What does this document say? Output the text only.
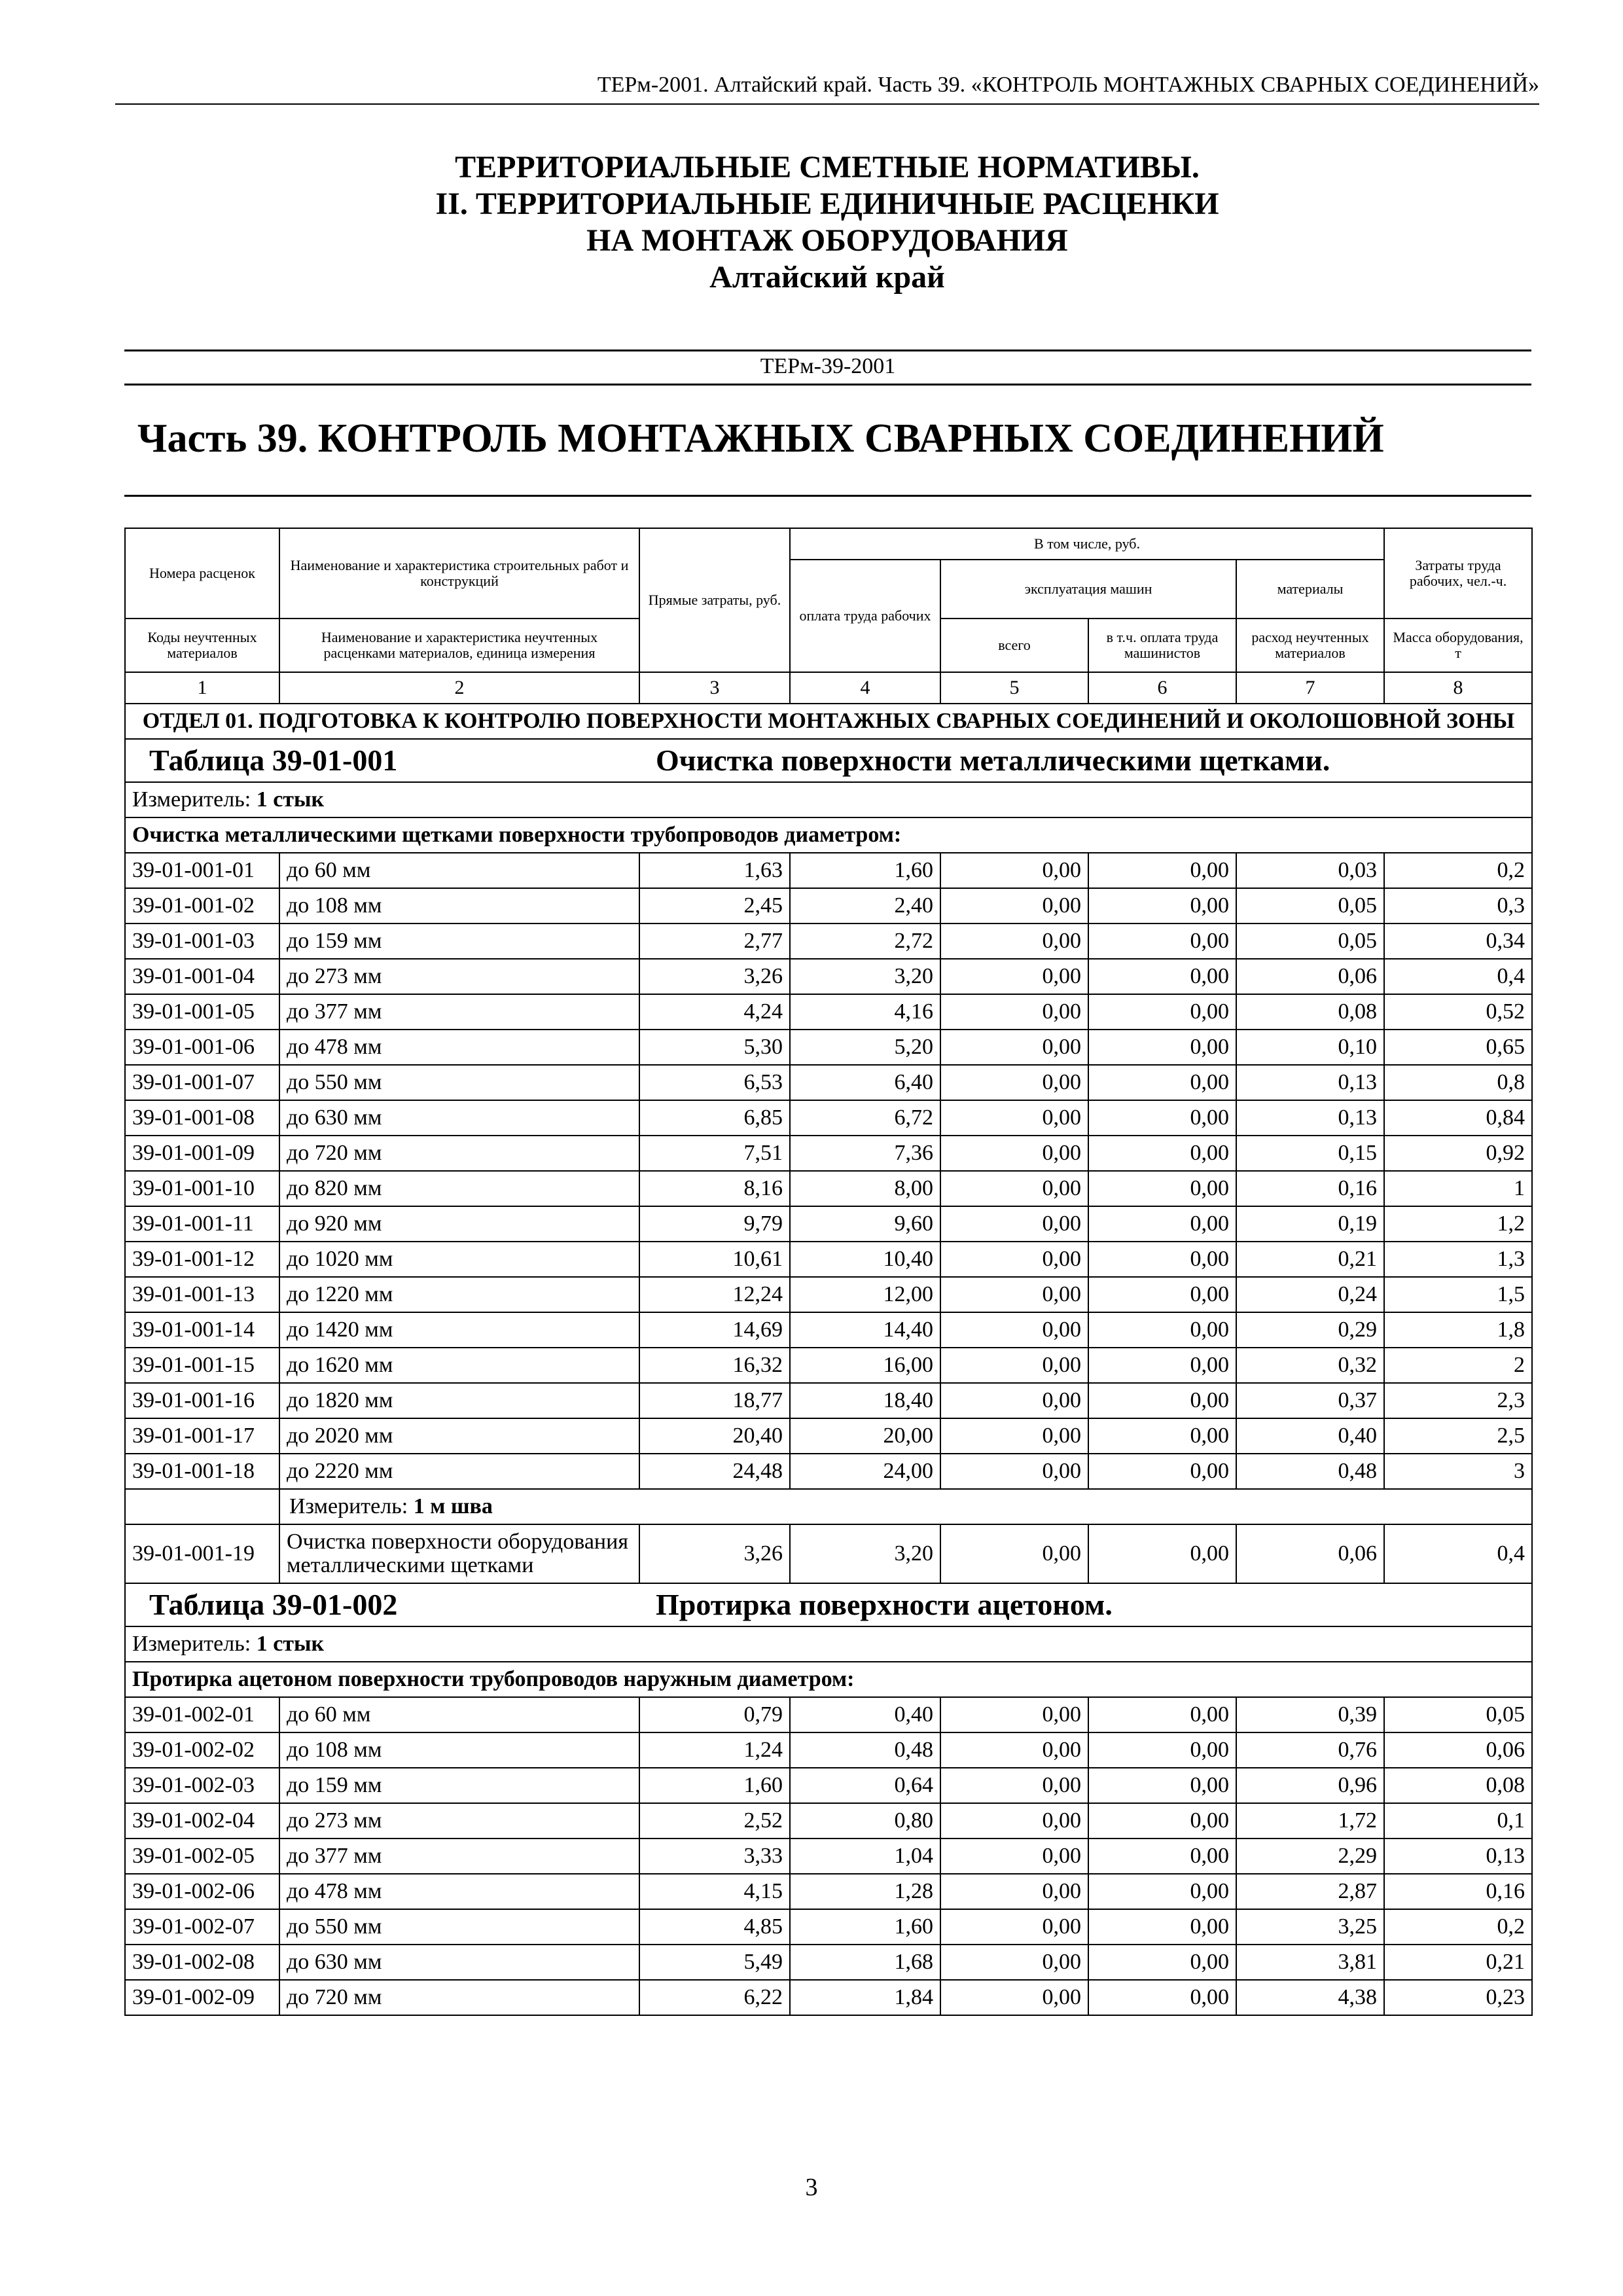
ТЕРм-2001. Алтайский край. Часть 39. «КОНТРОЛЬ МОНТАЖНЫХ СВАРНЫХ СОЕДИНЕНИЙ»
ТЕРРИТОРИАЛЬНЫЕ СМЕТНЫЕ НОРМАТИВЫ.
II. ТЕРРИТОРИАЛЬНЫЕ ЕДИНИЧНЫЕ РАСЦЕНКИ
НА МОНТАЖ ОБОРУДОВАНИЯ
Алтайский край
ТЕРм-39-2001
Часть 39. КОНТРОЛЬ МОНТАЖНЫХ СВАРНЫХ СОЕДИНЕНИЙ
Номера расценок	Наименование и характеристика строительных работ и конструкций	Прямые затраты, руб.	В том числе, руб.				Затраты труда рабочих, чел.-ч.
			оплата труда рабочих	эксплуатация машин		материалы	
Коды неучтенных материалов	Наименование и характеристика неучтенных расценками материалов, единица измерения			всего	в т.ч. оплата труда машинистов	расход неучтенных материалов	Масса оборудования, т
1	2	3	4	5	6	7	8
ОТДЕЛ 01. ПОДГОТОВКА К КОНТРОЛЮ ПОВЕРХНОСТИ МОНТАЖНЫХ СВАРНЫХ СОЕДИНЕНИЙ И ОКОЛОШОВНОЙ ЗОНЫ							

Таблица 39-01-001 Очистка поверхности металлическими щетками.							

Измеритель: 1 стык							
Очистка металлическими щетками поверхности трубопроводов диаметром:							
39-01-001-01	до 60 мм	1,63	1,60	0,00	0,00	0,03	0,2
39-01-001-02	до 108 мм	2,45	2,40	0,00	0,00	0,05	0,3
39-01-001-03	до 159 мм	2,77	2,72	0,00	0,00	0,05	0,34
39-01-001-04	до 273 мм	3,26	3,20	0,00	0,00	0,06	0,4
39-01-001-05	до 377 мм	4,24	4,16	0,00	0,00	0,08	0,52
39-01-001-06	до 478 мм	5,30	5,20	0,00	0,00	0,10	0,65
39-01-001-07	до 550 мм	6,53	6,40	0,00	0,00	0,13	0,8
39-01-001-08	до 630 мм	6,85	6,72	0,00	0,00	0,13	0,84
39-01-001-09	до 720 мм	7,51	7,36	0,00	0,00	0,15	0,92
39-01-001-10	до 820 мм	8,16	8,00	0,00	0,00	0,16	1
39-01-001-11	до 920 мм	9,79	9,60	0,00	0,00	0,19	1,2
39-01-001-12	до 1020 мм	10,61	10,40	0,00	0,00	0,21	1,3
39-01-001-13	до 1220 мм	12,24	12,00	0,00	0,00	0,24	1,5
39-01-001-14	до 1420 мм	14,69	14,40	0,00	0,00	0,29	1,8
39-01-001-15	до 1620 мм	16,32	16,00	0,00	0,00	0,32	2
39-01-001-16	до 1820 мм	18,77	18,40	0,00	0,00	0,37	2,3
39-01-001-17	до 2020 мм	20,40	20,00	0,00	0,00	0,40	2,5
39-01-001-18	до 2220 мм	24,48	24,00	0,00	0,00	0,48	3
	Измеритель: 1 м шва						
39-01-001-19	Очистка поверхности оборудования металлическими щетками	3,26	3,20	0,00	0,00	0,06	0,4

Таблица 39-01-002 Протирка поверхности ацетоном.							

Измеритель: 1 стык							
Протирка ацетоном поверхности трубопроводов наружным диаметром:							
39-01-002-01	до 60 мм	0,79	0,40	0,00	0,00	0,39	0,05
39-01-002-02	до 108 мм	1,24	0,48	0,00	0,00	0,76	0,06
39-01-002-03	до 159 мм	1,60	0,64	0,00	0,00	0,96	0,08
39-01-002-04	до 273 мм	2,52	0,80	0,00	0,00	1,72	0,1
39-01-002-05	до 377 мм	3,33	1,04	0,00	0,00	2,29	0,13
39-01-002-06	до 478 мм	4,15	1,28	0,00	0,00	2,87	0,16
39-01-002-07	до 550 мм	4,85	1,60	0,00	0,00	3,25	0,2
39-01-002-08	до 630 мм	5,49	1,68	0,00	0,00	3,81	0,21
39-01-002-09	до 720 мм	6,22	1,84	0,00	0,00	4,38	0,23
3
